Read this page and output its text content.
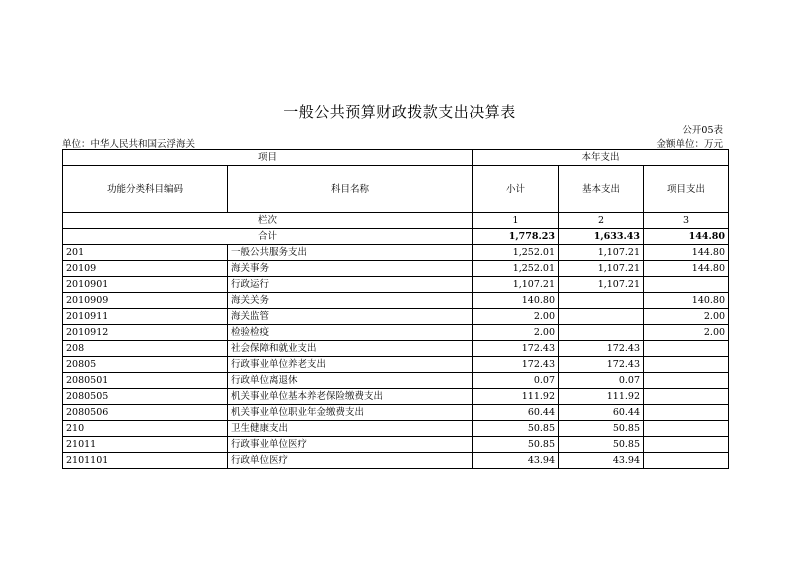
一般公共预算财政拨款支出决算表
公开05表
单位：中华人民共和国云浮海关	金额单位：万元
项目		本年支出		
功能分类科目编码	科目名称	小计	基本支出	项目支出
栏次		1	2	3
合计		1,778.23	1,633.43	144.80
201	一般公共服务支出	1,252.01	1,107.21	144.80
20109	海关事务	1,252.01	1,107.21	144.80
2010901	行政运行	1,107.21	1,107.21	
2010909	海关关务	140.80		140.80
2010911	海关监管	2.00		2.00
2010912	检验检疫	2.00		2.00
208	社会保障和就业支出	172.43	172.43	
20805	行政事业单位养老支出	172.43	172.43	
2080501	行政单位离退休	0.07	0.07	
2080505	机关事业单位基本养老保险缴费支出	111.92	111.92	
2080506	机关事业单位职业年金缴费支出	60.44	60.44	
210	卫生健康支出	50.85	50.85	
21011	行政事业单位医疗	50.85	50.85	
2101101	行政单位医疗	43.94	43.94	
